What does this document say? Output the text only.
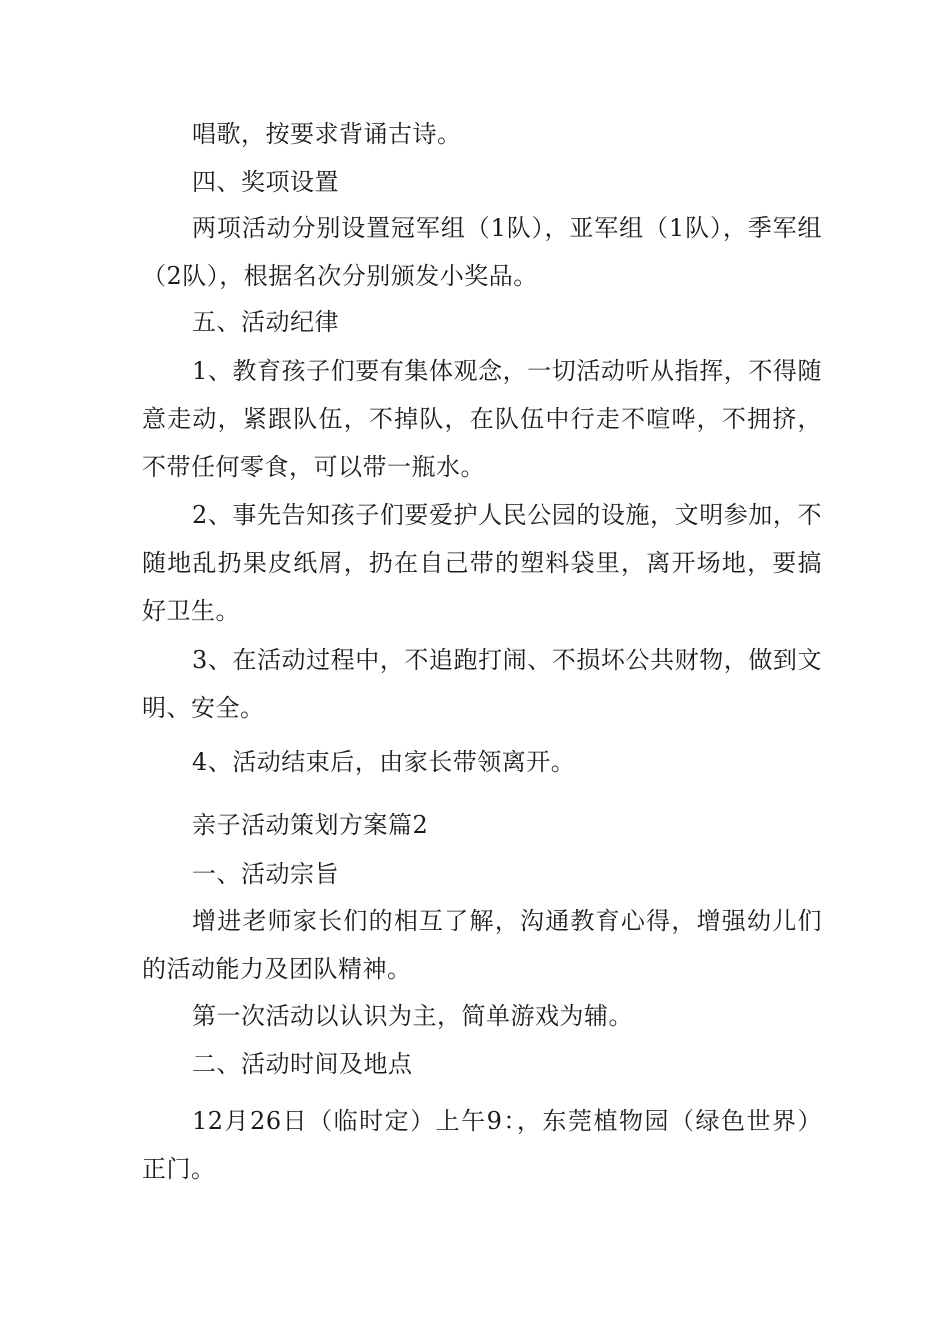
唱歌，按要求背诵古诗。

四、奖项设置

两项活动分别设置冠军组（1队），亚军组（1队），季军组（2队），根据名次分别颁发小奖品。

五、活动纪律

1、教育孩子们要有集体观念，一切活动听从指挥，不得随意走动，紧跟队伍，不掉队，在队伍中行走不喧哗，不拥挤，不带任何零食，可以带一瓶水。

2、事先告知孩子们要爱护人民公园的设施，文明参加，不随地乱扔果皮纸屑，扔在自己带的塑料袋里，离开场地，要搞好卫生。

3、在活动过程中，不追跑打闹、不损坏公共财物，做到文明、安全。

4、活动结束后，由家长带领离开。

亲子活动策划方案篇2

一、活动宗旨

增进老师家长们的相互了解，沟通教育心得，增强幼儿们的活动能力及团队精神。

第一次活动以认识为主，简单游戏为辅。

二、活动时间及地点

12月26日（临时定）上午9：，东莞植物园（绿色世界）正门。
